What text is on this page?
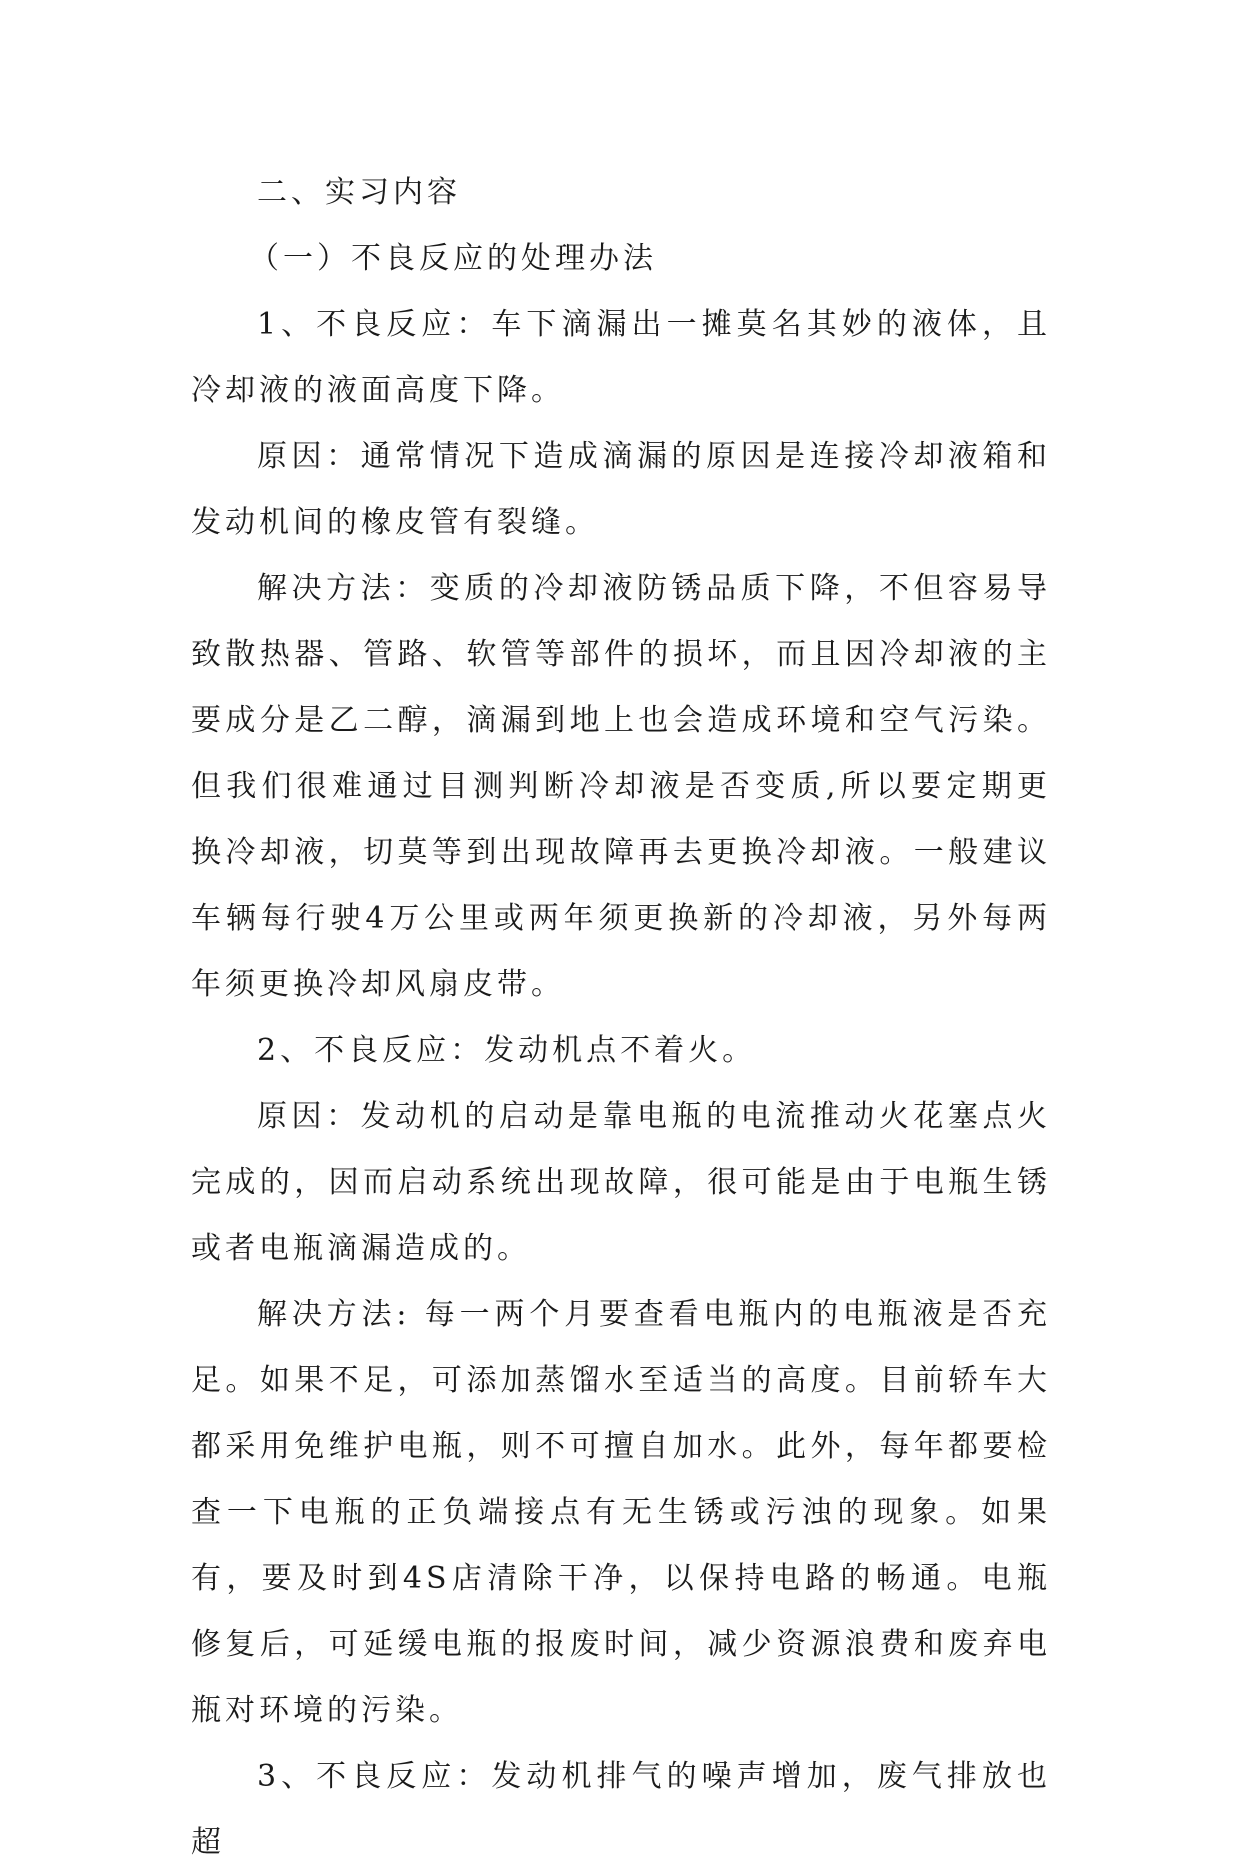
二、实习内容

（一）不良反应的处理办法

1、不良反应：车下滴漏出一摊莫名其妙的液体，且冷却液的液面高度下降。

原因：通常情况下造成滴漏的原因是连接冷却液箱和发动机间的橡皮管有裂缝。

解决方法：变质的冷却液防锈品质下降，不但容易导致散热器、管路、软管等部件的损坏，而且因冷却液的主要成分是乙二醇，滴漏到地上也会造成环境和空气污染。但我们很难通过目测判断冷却液是否变质,所以要定期更换冷却液，切莫等到出现故障再去更换冷却液。一般建议车辆每行驶4万公里或两年须更换新的冷却液，另外每两年须更换冷却风扇皮带。

2、不良反应：发动机点不着火。

原因：发动机的启动是靠电瓶的电流推动火花塞点火完成的，因而启动系统出现故障，很可能是由于电瓶生锈或者电瓶滴漏造成的。

解决方法: 每一两个月要查看电瓶内的电瓶液是否充足。如果不足，可添加蒸馏水至适当的高度。目前轿车大都采用免维护电瓶，则不可擅自加水。此外，每年都要检查一下电瓶的正负端接点有无生锈或污浊的现象。如果有，要及时到4S店清除干净，以保持电路的畅通。电瓶修复后，可延缓电瓶的报废时间，减少资源浪费和废弃电瓶对环境的污染。

3、不良反应：发动机排气的噪声增加，废气排放也超
